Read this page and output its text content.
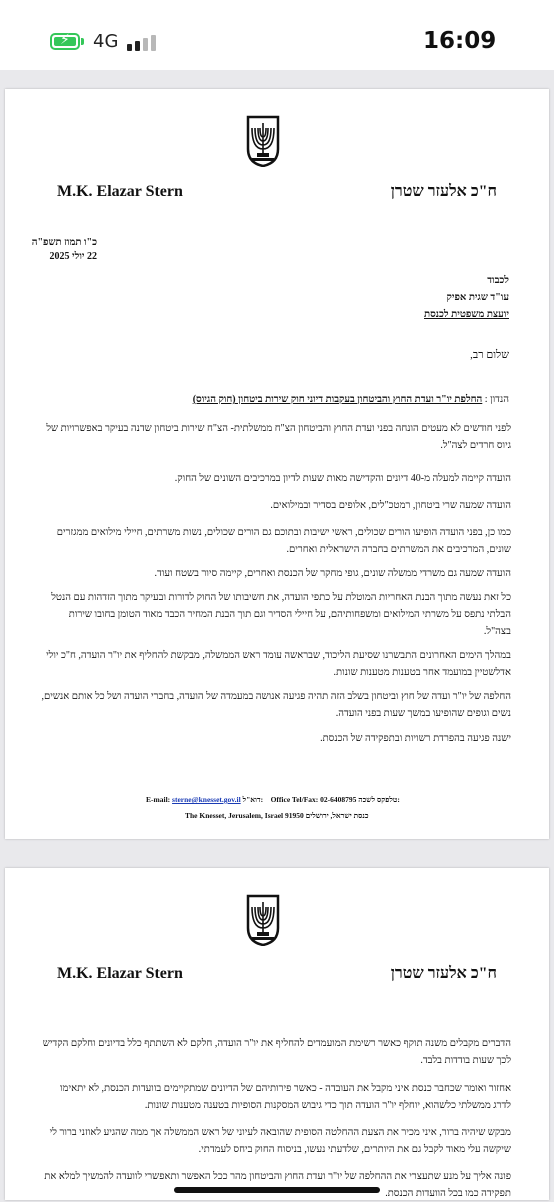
⚡ 4G	16:09
M.K. Elazar Stern	ח"כ אלעזר שטרן
כ"ו תמוז תשפ"ה
22 יולי 2025
לכבוד
עו"ד שגית אפיק
יועצת משפטית לכנסת
שלום רב,
הנדון : החלפת יו"ר ועדת החוץ והביטחון בעקבות דיוני חוק שירות ביטחון (חוק הגיוס)
לפני חודשים לא מעטים הונחה בפני ועדת החוץ והביטחון הצ"ח ממשלתית- הצ"ח שירות ביטחון שדנה בעיקר באפשרויות של גיוס חרדים לצה"ל.
הועדה קיימה למעלה מ-40 דיונים והקדישה מאות שעות לדיון במרכיבים השונים של החוק.
הועדה שמעה שרי ביטחון, רמטכ"לים, אלופים בסדיר ובמילואים.
כמו כן, בפני הועדה הופיעו הורים שכולים, ראשי ישיבות ובתוכם גם הורים שכולים, נשות משרתים, חיילי מילואים ממגזרים שונים, המרכיבים את המשרתים בחברה הישראלית ואחרים.
הועדה שמעה גם משרדי ממשלה שונים, גופי מחקר של הכנסת ואחרים, קיימה סיור בשטח ועוד.
כל זאת נעשה מתוך הבנת האחריות המוטלת על כתפי הועדה, את חשיבותו של החוק לדורות ובעיקר מתוך הזדהות עם הנטל הבלתי נתפס על משרתי המילואים ומשפחותיהם, על חיילי הסדיר וגם תוך הבנת המחיר הכבד מאוד הטומן בחובו שירות בצה"ל.
במהלך הימים האחרונים התבשרנו שסיעת הליכוד, שבראשה עומד ראש הממשלה, מבקשת להחליף את יו"ר הועדה, ח"כ יולי אדלשטיין במועמד אחר בטענות מטענות שונות.
החלפה של יו"ר ועדה של חוץ וביטחון בשלב הזה תהיה פגיעה אנושה במעמדה של הועדה, בחברי הועדה ושל כל אותם אנשים, נשים וגופים שהופיעו במשך שעות בפני הועדה.
ישנה פגיעה בהפרדת רשויות ובתפקידה של הכנסת.
E-mail: sterne@knesset.gov.il דוא"ל: Office Tel/Fax: 02-6408795 טלפקס לשכה:
The Knesset, Jerusalem, Israel 91950 כנסת ישראל, ירושלים
M.K. Elazar Stern	ח"כ אלעזר שטרן
הדברים מקבלים משנה תוקף כאשר רשימת המועמדים להחליף את יו"ר הועדה, חלקם לא השתתף כלל בדיונים וחלקם הקדיש לכך שעות בודדות בלבד.
אחזור ואומר שכחבר כנסת איני מקבל את העובדה - כאשר פירותיהם של הדיונים שמתקיימים בוועדות הכנסת, לא יתאימו לדרג ממשלתי כלשהוא, יוחלף יו"ר הועדה תוך כדי גיבוש המסקנות הסופיות בטענה מטענות שונות.
מבקש שיהיה ברור, איני מכיר את הצעת ההחלטה הסופית שהובאה לעיוני של ראש הממשלה אך ממה שהגיע לאוזני ברור לי שיקשה עלי מאוד לקבל גם את היותרים, שלדעתי נעשו, בניסוח החוק ביחס לעמדתי.
פונה אליך על מנע שתעצרי את ההחלפה של יו"ר ועדת החוץ והביטחון מהר ככל האפשר ותאפשרי לוועדה להמשיך למלא את תפקידה כמו בכל הוועדות הכנסת.
